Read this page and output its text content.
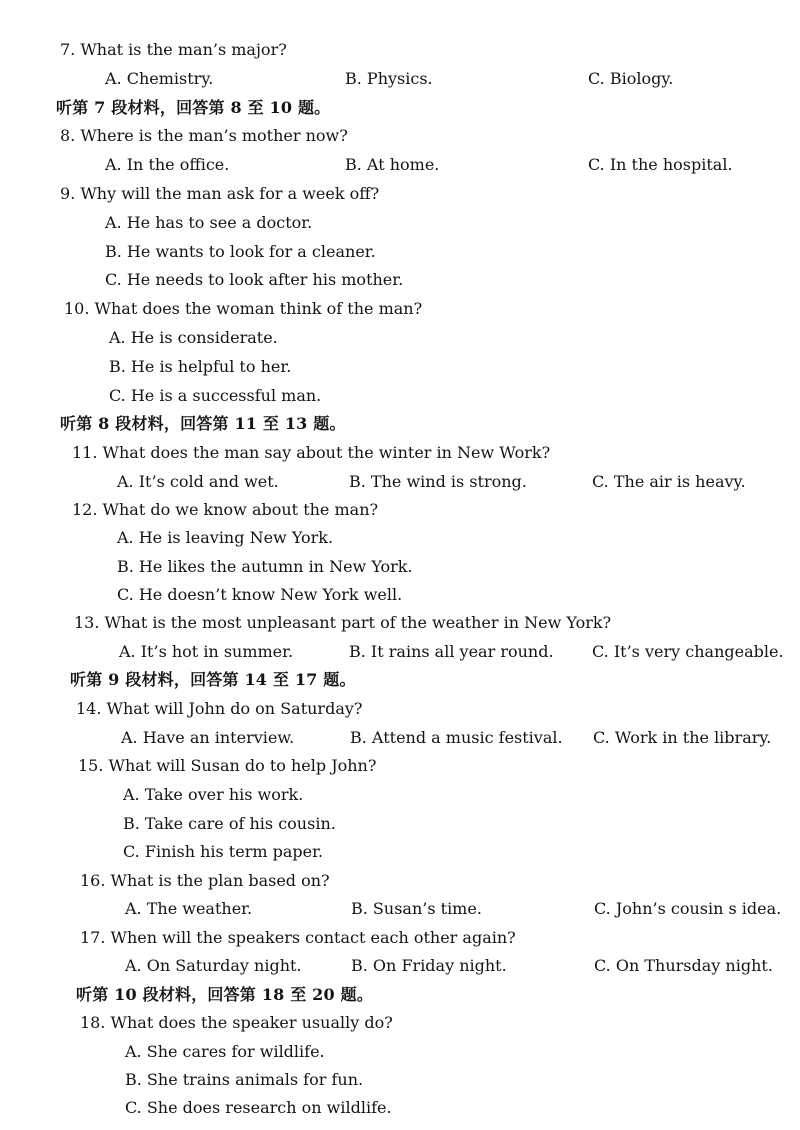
7. What is the man’s major?
A. Chemistry.	B. Physics.	C. Biology.
听第 7 段材料，回答第 8 至 10 题。
8. Where is the man’s mother now?
A. In the office.	B. At home.	C. In the hospital.
9. Why will the man ask for a week off?
A. He has to see a doctor.
B. He wants to look for a cleaner.
C. He needs to look after his mother.
10. What does the woman think of the man?
A. He is considerate.
B. He is helpful to her.
C. He is a successful man.
听第 8 段材料，回答第 11 至 13 题。
11. What does the man say about the winter in New Work?
A. It’s cold and wet.	B. The wind is strong.	C. The air is heavy.
12. What do we know about the man?
A. He is leaving New York.
B. He likes the autumn in New York.
C. He doesn’t know New York well.
13. What is the most unpleasant part of the weather in New York?
A. It’s hot in summer.	B. It rains all year round. C. It’s very changeable.
听第 9 段材料，回答第 14 至 17 题。
14. What will John do on Saturday?
A. Have an interview.	B. Attend a music festival. C. Work in the library.
15. What will Susan do to help John?
A. Take over his work.
B. Take care of his cousin.
C. Finish his term paper.
16. What is the plan based on?
A. The weather.	B. Susan’s time.	C. John’s cousin s idea.
17. When will the speakers contact each other again?
A. On Saturday night.	B. On Friday night.	C. On Thursday night.
听第 10 段材料，回答第 18 至 20 题。
18. What does the speaker usually do?
A. She cares for wildlife.
B. She trains animals for fun.
C. She does research on wildlife.
